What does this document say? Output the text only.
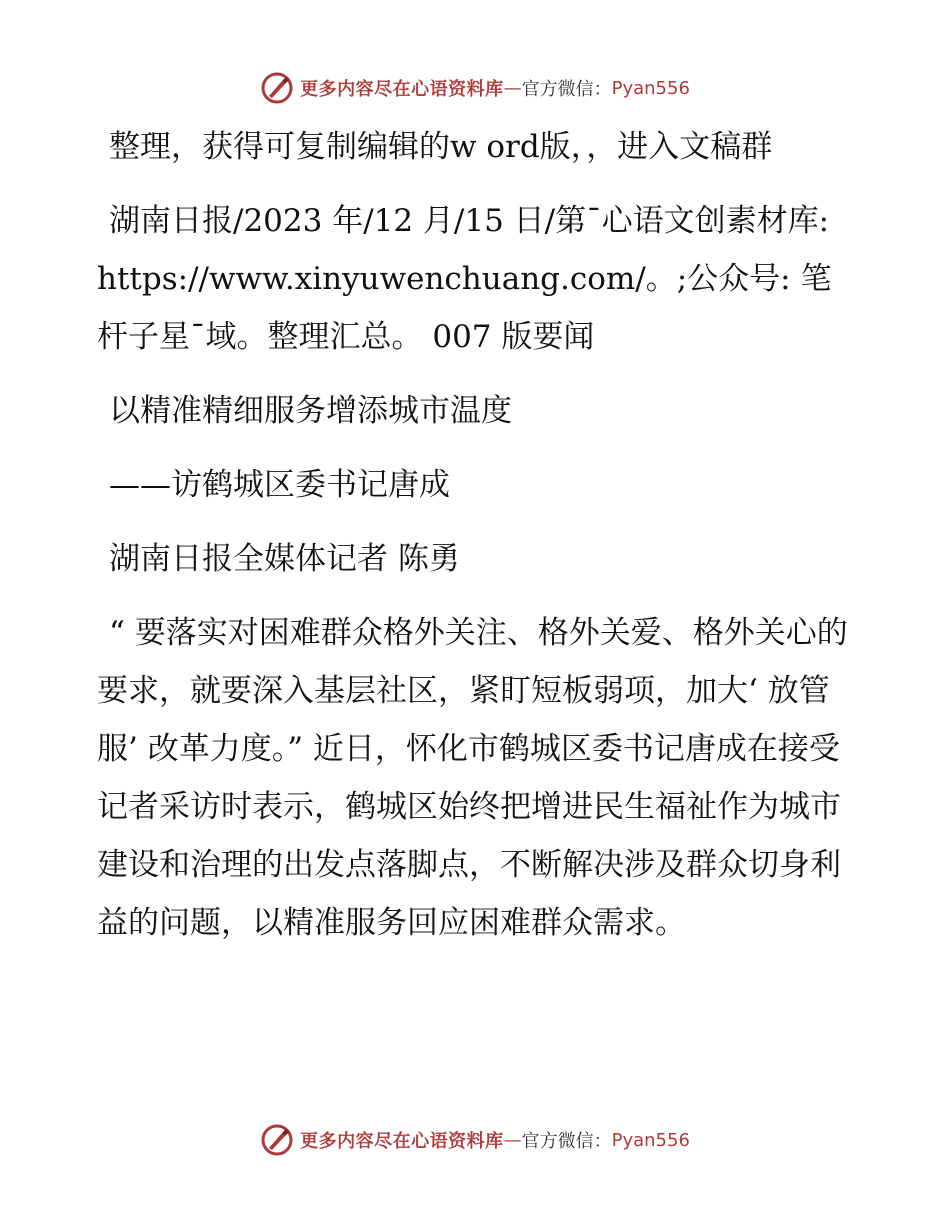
更多内容尽在心语资料库 — 官方微信： Pyan556

整理，获得可复制编辑的w ord版，，进入文稿群

湖南日报/2023 年/12 月/15 日/第¯心语文创素材库: https://www.xinyuwenchuang.com/。;公众号: 笔杆子星¯域。整理汇总。 007 版要闻

以精准精细服务增添城市温度

——访鹤城区委书记唐成

湖南日报全媒体记者 陈勇

“ 要落实对困难群众格外关注、格外关爱、格外关心的要求，就要深入基层社区，紧盯短板弱项，加大‘ 放管服’ 改革力度。” 近日，怀化市鹤城区委书记唐成在接受记者采访时表示，鹤城区始终把增进民生福祉作为城市建设和治理的出发点落脚点，不断解决涉及群众切身利益的问题，以精准服务回应困难群众需求。

更多内容尽在心语资料库 — 官方微信： Pyan556
